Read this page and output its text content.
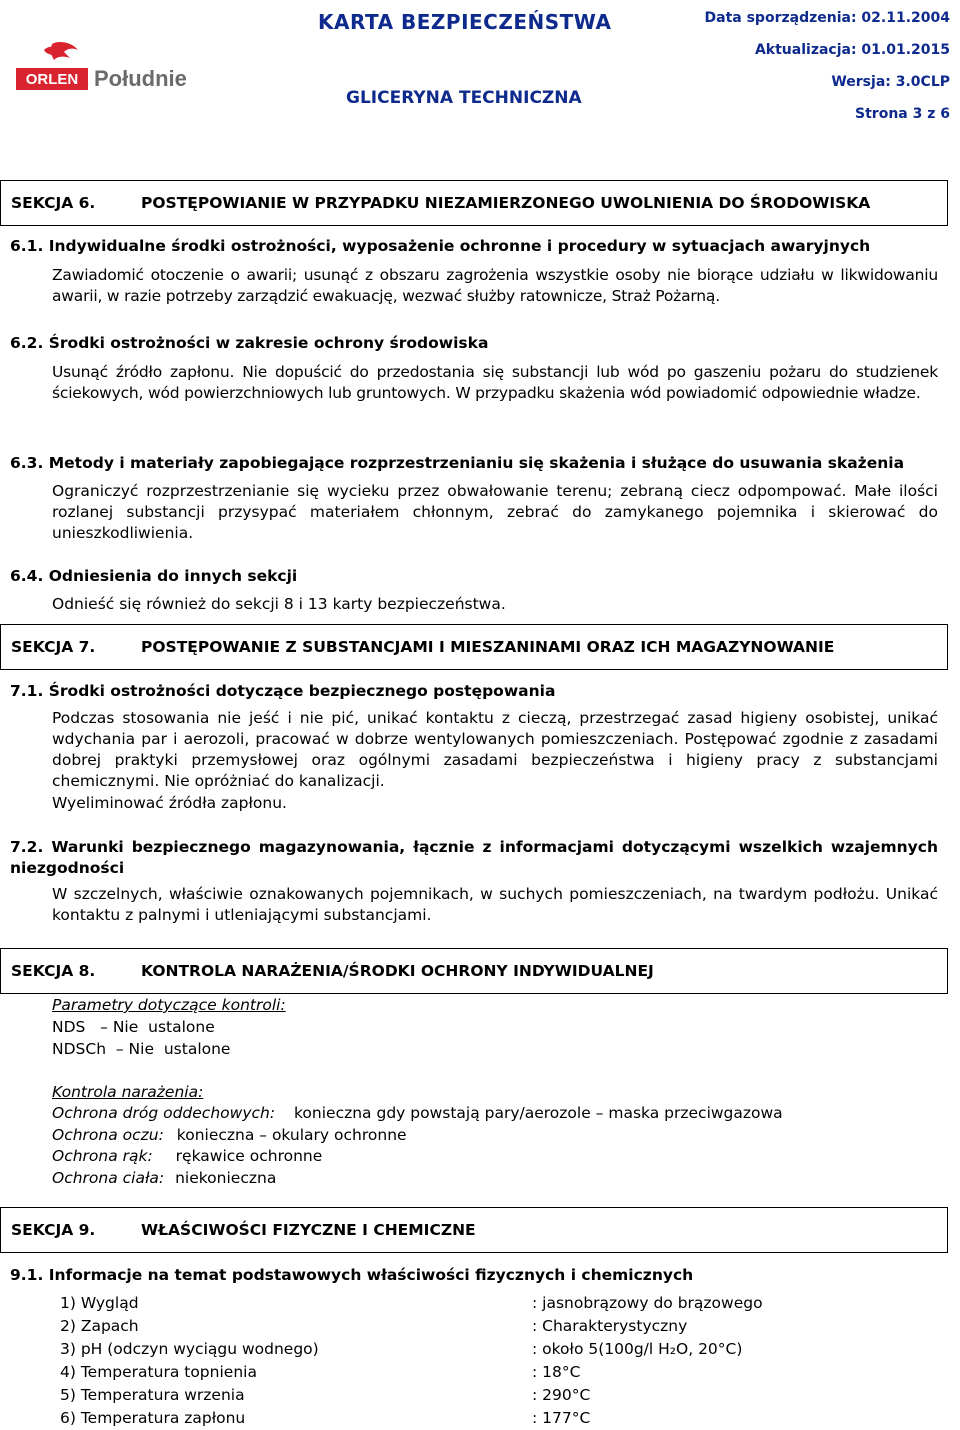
ORLEN Południe
KARTA BEZPIECZEŃSTWA
GLICERYNA TECHNICZNA
Data sporządzenia: 02.11.2004
Aktualizacja: 01.01.2015
Wersja: 3.0CLP
Strona 3 z 6
SEKCJA 6.	POSTĘPOWIANIE W PRZYPADKU NIEZAMIERZONEGO UWOLNIENIA DO ŚRODOWISKA
6.1. Indywidualne środki ostrożności, wyposażenie ochronne i procedury w sytuacjach awaryjnych
Zawiadomić otoczenie o awarii; usunąć z obszaru zagrożenia wszystkie osoby nie biorące udziału w likwidowaniu awarii, w razie potrzeby zarządzić ewakuację, wezwać służby ratownicze, Straż Pożarną.
6.2. Środki ostrożności w zakresie ochrony środowiska
Usunąć źródło zapłonu. Nie dopuścić do przedostania się substancji lub wód po gaszeniu pożaru do studzienek ściekowych, wód powierzchniowych lub gruntowych. W przypadku skażenia wód powiadomić odpowiednie władze.
6.3. Metody i materiały zapobiegające rozprzestrzenianiu się skażenia i służące do usuwania skażenia
Ograniczyć rozprzestrzenianie się wycieku przez obwałowanie terenu; zebraną ciecz odpompować. Małe ilości rozlanej substancji przysypać materiałem chłonnym, zebrać do zamykanego pojemnika i skierować do unieszkodliwienia.
6.4. Odniesienia do innych sekcji
Odnieść się również do sekcji 8 i 13 karty bezpieczeństwa.
SEKCJA 7.	POSTĘPOWANIE Z SUBSTANCJAMI I MIESZANINAMI ORAZ ICH MAGAZYNOWANIE
7.1. Środki ostrożności dotyczące bezpiecznego postępowania
Podczas stosowania nie jeść i nie pić, unikać kontaktu z cieczą, przestrzegać zasad higieny osobistej, unikać wdychania par i aerozoli, pracować w dobrze wentylowanych pomieszczeniach. Postępować zgodnie z zasadami dobrej praktyki przemysłowej oraz ogólnymi zasadami bezpieczeństwa i higieny pracy z substancjami chemicznymi. Nie opróżniać do kanalizacji.
Wyeliminować źródła zapłonu.
7.2. Warunki bezpiecznego magazynowania, łącznie z informacjami dotyczącymi wszelkich wzajemnych niezgodności
W szczelnych, właściwie oznakowanych pojemnikach, w suchych pomieszczeniach, na twardym podłożu. Unikać kontaktu z palnymi i utleniającymi substancjami.
SEKCJA 8.	KONTROLA NARAŻENIA/ŚRODKI OCHRONY INDYWIDUALNEJ
Parametry dotyczące kontroli:
NDS   – Nie  ustalone
NDSCh  – Nie  ustalone
Kontrola narażenia:
Ochrona dróg oddechowych: konieczna gdy powstają pary/aerozole – maska przeciwgazowa
Ochrona oczu: konieczna – okulary ochronne
Ochrona rąk: rękawice ochronne
Ochrona ciała: niekonieczna
SEKCJA 9.	WŁAŚCIWOŚCI FIZYCZNE I CHEMICZNE
9.1. Informacje na temat podstawowych właściwości fizycznych i chemicznych
1) Wygląd	: jasnobrązowy do brązowego
2) Zapach	: Charakterystyczny
3) pH (odczyn wyciągu wodnego)	: około 5(100g/l H₂O, 20°C)
4) Temperatura topnienia	: 18°C
5) Temperatura wrzenia	: 290°C
6) Temperatura zapłonu	: 177°C
